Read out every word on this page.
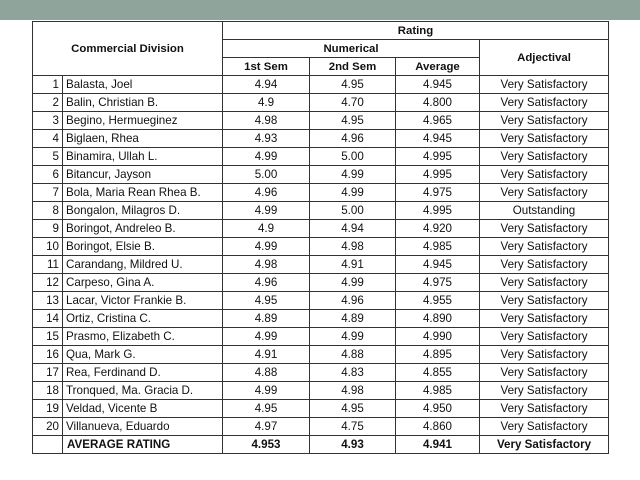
Commercial Division		Rating			
		Numerical			Adjectival
		1st Sem	2nd Sem	Average	
1	Balasta, Joel	4.94	4.95	4.945	Very Satisfactory
2	Balin, Christian B.	4.9	4.70	4.800	Very Satisfactory
3	Begino, Hermueginez	4.98	4.95	4.965	Very Satisfactory
4	Biglaen, Rhea	4.93	4.96	4.945	Very Satisfactory
5	Binamira, Ullah L.	4.99	5.00	4.995	Very Satisfactory
6	Bitancur, Jayson	5.00	4.99	4.995	Very Satisfactory
7	Bola, Maria Rean Rhea B.	4.96	4.99	4.975	Very Satisfactory
8	Bongalon, Milagros D.	4.99	5.00	4.995	Outstanding
9	Boringot, Andreleo B.	4.9	4.94	4.920	Very Satisfactory
10	Boringot, Elsie B.	4.99	4.98	4.985	Very Satisfactory
11	Carandang, Mildred U.	4.98	4.91	4.945	Very Satisfactory
12	Carpeso, Gina A.	4.96	4.99	4.975	Very Satisfactory
13	Lacar, Victor Frankie B.	4.95	4.96	4.955	Very Satisfactory
14	Ortiz, Cristina C.	4.89	4.89	4.890	Very Satisfactory
15	Prasmo, Elizabeth C.	4.99	4.99	4.990	Very Satisfactory
16	Qua, Mark G.	4.91	4.88	4.895	Very Satisfactory
17	Rea, Ferdinand D.	4.88	4.83	4.855	Very Satisfactory
18	Tronqued, Ma. Gracia D.	4.99	4.98	4.985	Very Satisfactory
19	Veldad, Vicente B	4.95	4.95	4.950	Very Satisfactory
20	Villanueva, Eduardo	4.97	4.75	4.860	Very Satisfactory
	AVERAGE RATING	4.953	4.93	4.941	Very Satisfactory
